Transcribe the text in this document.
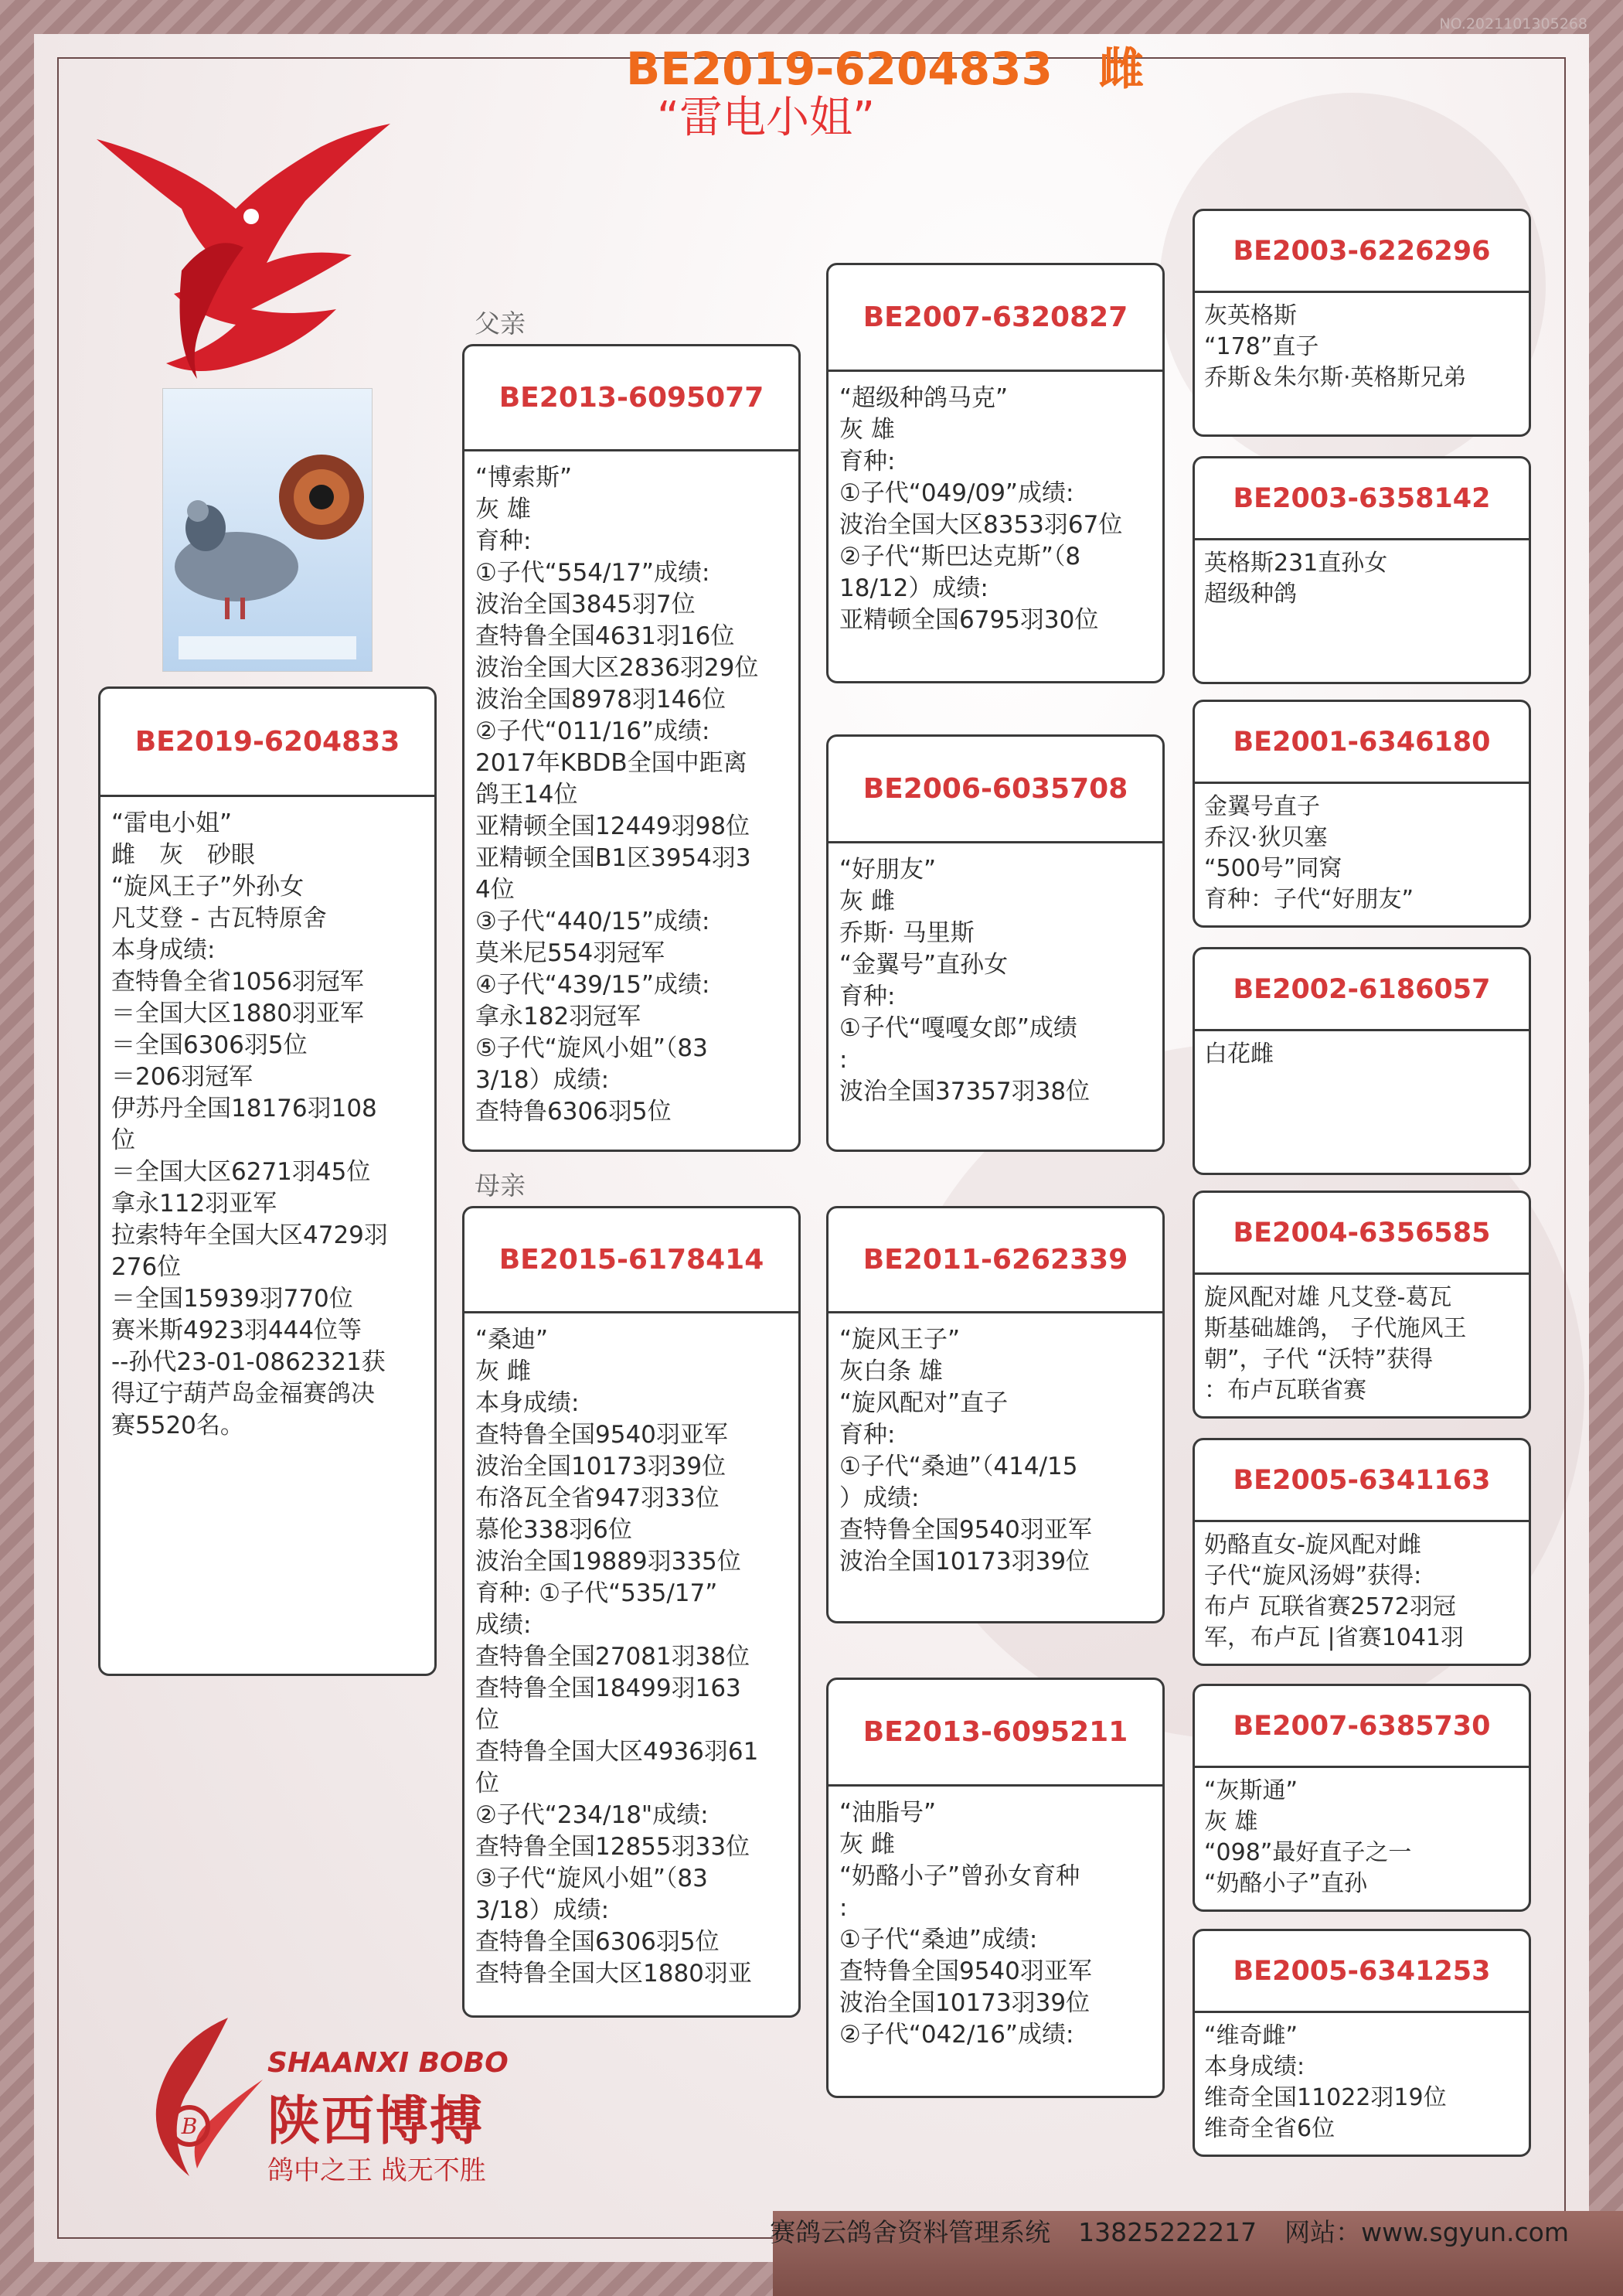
NO.2021101305268
BE2019-6204833 雌
“雷电小姐”
父亲
母亲
BE2019-6204833
“雷电小姐”
雌　灰　砂眼
“旋风王子”外孙女
凡艾登 - 古瓦特原舍
本身成绩:
查特鲁全省1056羽冠军
＝全国大区1880羽亚军
＝全国6306羽5位
＝206羽冠军
伊苏丹全国18176羽108
位
＝全国大区6271羽45位
拿永112羽亚军
拉索特年全国大区4729羽
276位
＝全国15939羽770位
赛米斯4923羽444位等
--孙代23-01-0862321获
得辽宁葫芦岛金福赛鸽决
赛5520名。
BE2013-6095077
“博索斯”
灰 雄
育种:
①子代“554/17”成绩:
波治全国3845羽7位
查特鲁全国4631羽16位
波治全国大区2836羽29位
波治全国8978羽146位
②子代“011/16”成绩:
2017年KBDB全国中距离
鸽王14位
亚精顿全国12449羽98位
亚精顿全国B1区3954羽3
4位
③子代“440/15”成绩:
莫米尼554羽冠军
④子代“439/15”成绩:
拿永182羽冠军
⑤子代“旋风小姐”（83
3/18）成绩:
查特鲁6306羽5位
BE2015-6178414
“桑迪”
灰 雌
本身成绩:
查特鲁全国9540羽亚军
波治全国10173羽39位
布洛瓦全省947羽33位
慕伦338羽6位
波治全国19889羽335位
育种: ①子代“535/17”
成绩:
查特鲁全国27081羽38位
查特鲁全国18499羽163
位
查特鲁全国大区4936羽61
位
②子代“234/18"成绩:
查特鲁全国12855羽33位
③子代“旋风小姐”（83
3/18）成绩:
查特鲁全国6306羽5位
查特鲁全国大区1880羽亚
BE2007-6320827
“超级种鸽马克”
灰 雄
育种:
①子代“049/09”成绩:
波治全国大区8353羽67位
②子代“斯巴达克斯”（8
18/12）成绩:
亚精顿全国6795羽30位
BE2006-6035708
“好朋友”
灰 雌
乔斯· 马里斯
“金翼号”直孙女
育种:
①子代“嘎嘎女郎”成绩
:
波治全国37357羽38位
BE2011-6262339
“旋风王子”
灰白条 雄
“旋风配对”直子
育种:
①子代“桑迪”（414/15
）成绩:
查特鲁全国9540羽亚军
波治全国10173羽39位
BE2013-6095211
“油脂号”
灰 雌
“奶酪小子”曾孙女育种
:
①子代“桑迪”成绩:
查特鲁全国9540羽亚军
波治全国10173羽39位
②子代“042/16”成绩:
BE2003-6226296
灰英格斯
“178”直子
乔斯＆朱尔斯·英格斯兄弟
BE2003-6358142
英格斯231直孙女
超级种鸽
BE2001-6346180
金翼号直子
乔汉·狄贝塞
“500号”同窝
育种：子代“好朋友”
BE2002-6186057
白花雌
BE2004-6356585
旋风配对雄 凡艾登-葛瓦
斯基础雄鸽， 子代施风王
朝”，子代 “沃特”获得
：布卢瓦联省赛
BE2005-6341163
奶酪直女-旋风配对雌
子代“旋风汤姆”获得:
布卢 瓦联省赛2572羽冠
军，布卢瓦 |省赛1041羽
BE2007-6385730
“灰斯通”
灰 雄
“098”最好直子之一
“奶酪小子”直孙
BE2005-6341253
“维奇雌”
本身成绩:
维奇全国11022羽19位
维奇全省6位
B
SHAANXI BOBO
陕西博搏
鸽中之王 战无不胜
赛鸽云鸽舍资料管理系统 13825222217 网站：www.sgyun.com
